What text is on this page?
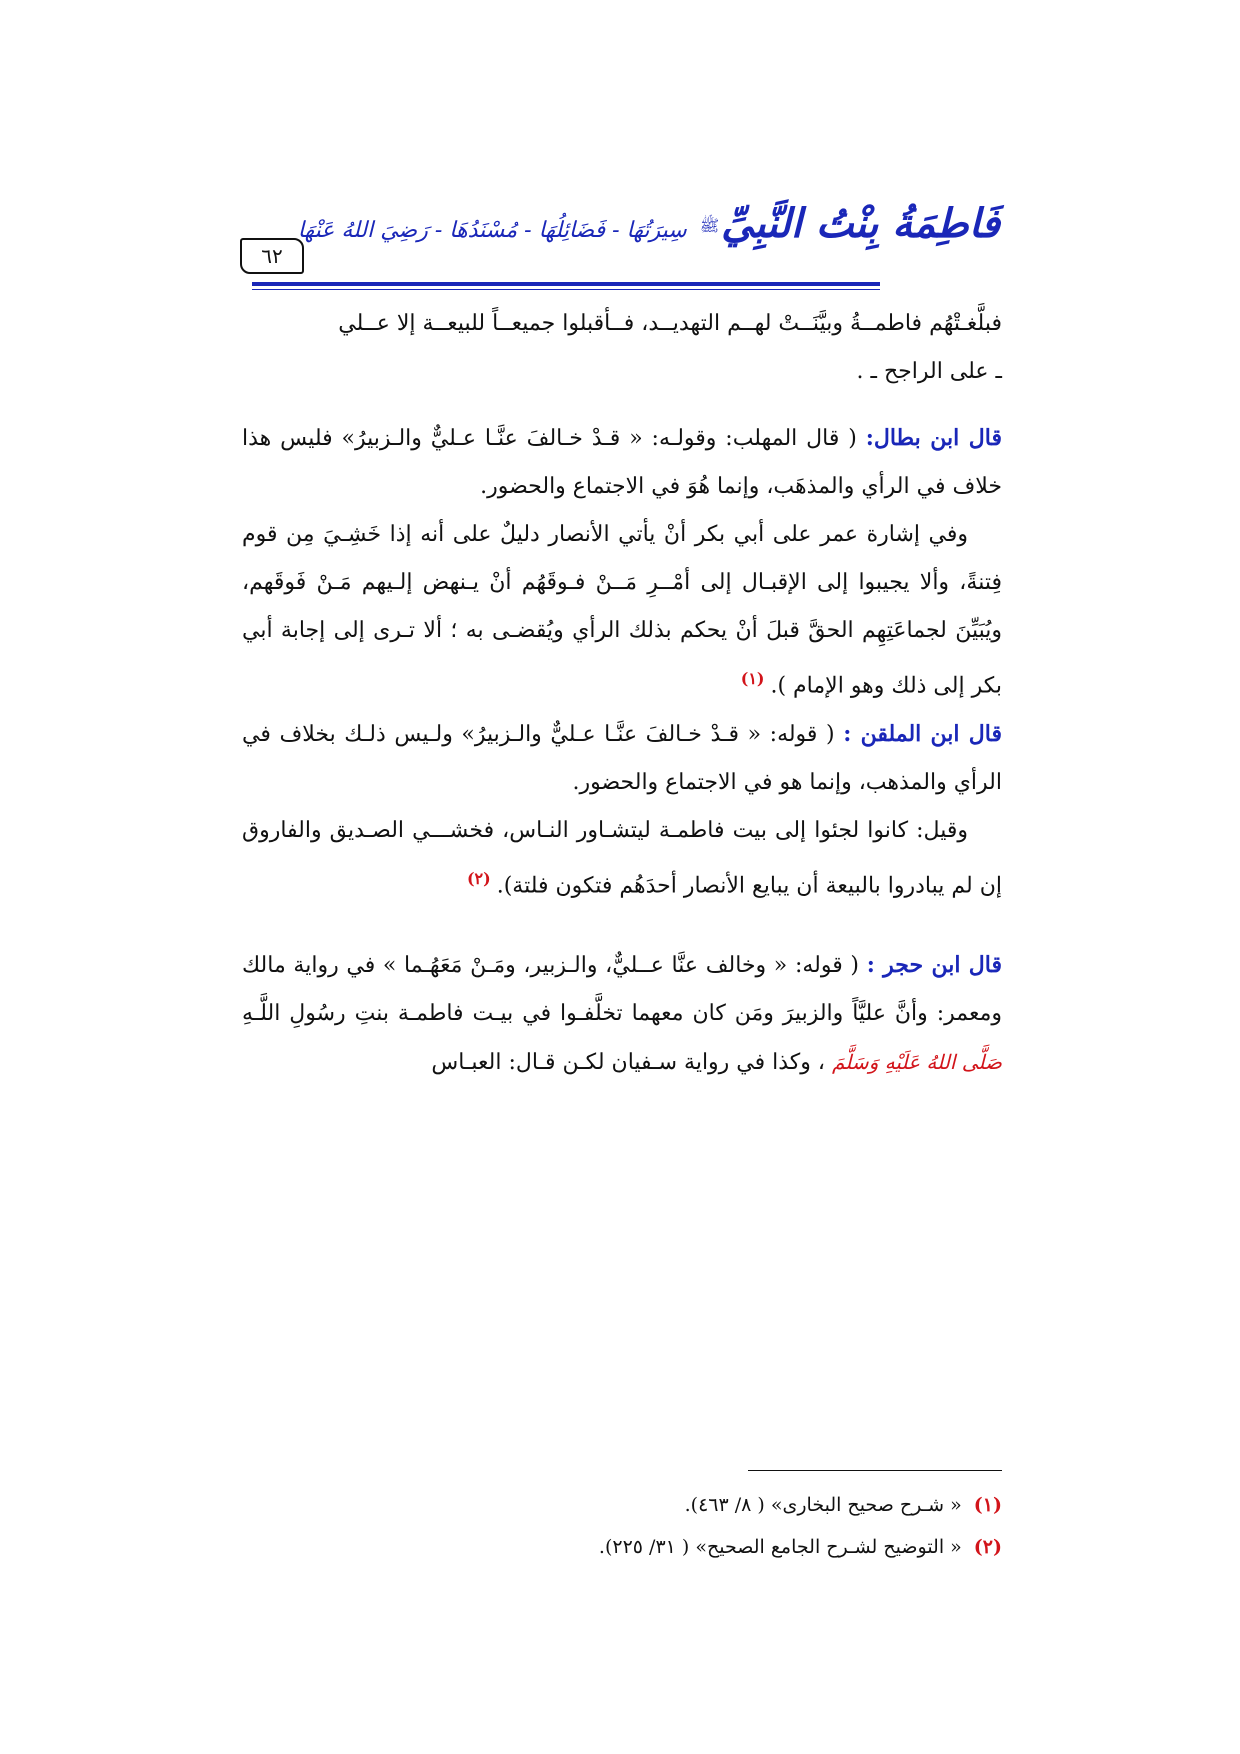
٦٢
فَاطِمَةُ بِنْتُ النَّبِيِّﷺ سِيرَتُهَا - فَضَائِلُهَا - مُسْنَدُهَا - رَضِيَ اللهُ عَنْهَا

فبلَّغـتْهُم فاطمــةُ وبيَّنَــتْ لهــم التهديــد، فــأقبلوا جميعــاً للبيعــة إلا عــلي

ـ على الراجح ـ .

قال ابن بطال: ( قال المهلب: وقولـه: « قـدْ خـالفَ عنَّـا عـليٌّ والـزبيرُ» فليس هذا خلاف في الرأي والمذهَب، وإنما هُوَ في الاجتماع والحضور.

وفي إشارة عمر على أبي بكر أنْ يأتي الأنصار دليلٌ على أنه إذا خَشِـيَ مِن قوم فِتنةً، وألا يجيبوا إلى الإقبـال إلى أمْــرِ مَــنْ فـوقَهُم أنْ يـنهض إلـيهم مَـنْ فَوقَهم، ويُبَيِّنَ لجماعَتِهِم الحقَّ قبلَ أنْ يحكم بذلك الرأي ويُقضـى به ؛ ألا تـرى إلى إجابة أبي بكر إلى ذلك وهو الإمام ).$^{(١)}$

قال ابن الملقن : ( قوله: « قـدْ خـالفَ عنَّـا عـليٌّ والـزبيرُ» ولـيس ذلـك بخلاف في الرأي والمذهب، وإنما هو في الاجتماع والحضور.

وقيل: كانوا لجئوا إلى بيت فاطمـة ليتشـاور النـاس، فخشـــي الصـديق والفاروق إن لم يبادروا بالبيعة أن يبايع الأنصار أحدَهُم فتكون فلتة).$^{(٢)}$

قال ابن حجر : ( قوله: « وخالف عنَّا عــليٌّ، والـزبير، ومَـنْ مَعَهُـما » في رواية مالك ومعمر: وأنَّ عليَّاً والزبيرَ ومَن كان معهما تخلَّفـوا في بيـت فاطمـة بنتِ رسُولِ اللَّـهِ صَلَّى اللهُ عَلَيْهِ وَسَلَّمَ ، وكذا في رواية سـفيان لكـن قـال: العبـاس

(١)« شـرح صحيح البخارى» ( ٨/ ٤٦٣).

(٢)« التوضيح لشـرح الجامع الصحيح» ( ٣١/ ٢٢٥).
